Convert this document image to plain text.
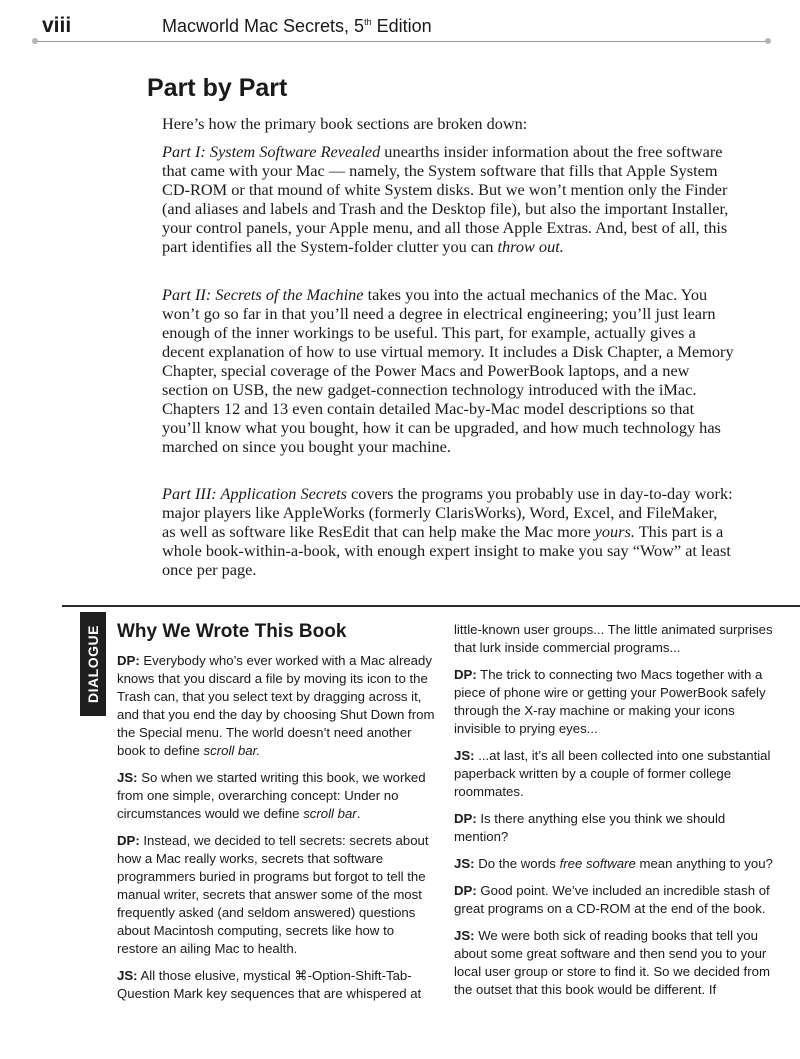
viii	Macworld Mac Secrets, 5th Edition
Part by Part

Here’s how the primary book sections are broken down:

Part I: System Software Revealed unearths insider information about the free software that came with your Mac — namely, the System software that fills that Apple System CD-ROM or that mound of white System disks. But we won’t mention only the Finder (and aliases and labels and Trash and the Desktop file), but also the important Installer, your control panels, your Apple menu, and all those Apple Extras. And, best of all, this part identifies all the System-folder clutter you can throw out.

Part II: Secrets of the Machine takes you into the actual mechanics of the Mac. You won’t go so far in that you’ll need a degree in electrical engineering; you’ll just learn enough of the inner workings to be useful. This part, for example, actually gives a decent explanation of how to use virtual memory. It includes a Disk Chapter, a Memory Chapter, special coverage of the Power Macs and PowerBook laptops, and a new section on USB, the new gadget-connection technology introduced with the iMac. Chapters 12 and 13 even contain detailed Mac-by-Mac model descriptions so that you’ll know what you bought, how it can be upgraded, and how much technology has marched on since you bought your machine.

Part III: Application Secrets covers the programs you probably use in day-to-day work: major players like AppleWorks (formerly ClarisWorks), Word, Excel, and FileMaker, as well as software like ResEdit that can help make the Mac more yours. This part is a whole book-within-a-book, with enough expert insight to make you say “Wow” at least once per page.

DIALOGUE Why We Wrote This Book

DP: Everybody who’s ever worked with a Mac already knows that you discard a file by moving its icon to the Trash can, that you select text by dragging across it, and that you end the day by choosing Shut Down from the Special menu. The world doesn’t need another book to define scroll bar.

JS: So when we started writing this book, we worked from one simple, overarching concept: Under no circumstances would we define scroll bar.

DP: Instead, we decided to tell secrets: secrets about how a Mac really works, secrets that software programmers buried in programs but forgot to tell the manual writer, secrets that answer some of the most frequently asked (and seldom answered) questions about Macintosh computing, secrets like how to restore an ailing Mac to health.

JS: All those elusive, mystical ⌘-Option-Shift-Tab-Question Mark key sequences that are whispered at

little-known user groups... The little animated surprises that lurk inside commercial programs...

DP: The trick to connecting two Macs together with a piece of phone wire or getting your PowerBook safely through the X-ray machine or making your icons invisible to prying eyes...

JS: ...at last, it’s all been collected into one substantial paperback written by a couple of former college roommates.

DP: Is there anything else you think we should mention?

JS: Do the words free software mean anything to you?

DP: Good point. We’ve included an incredible stash of great programs on a CD-ROM at the end of the book.

JS: We were both sick of reading books that tell you about some great software and then send you to your local user group or store to find it. So we decided from the outset that this book would be different. If
